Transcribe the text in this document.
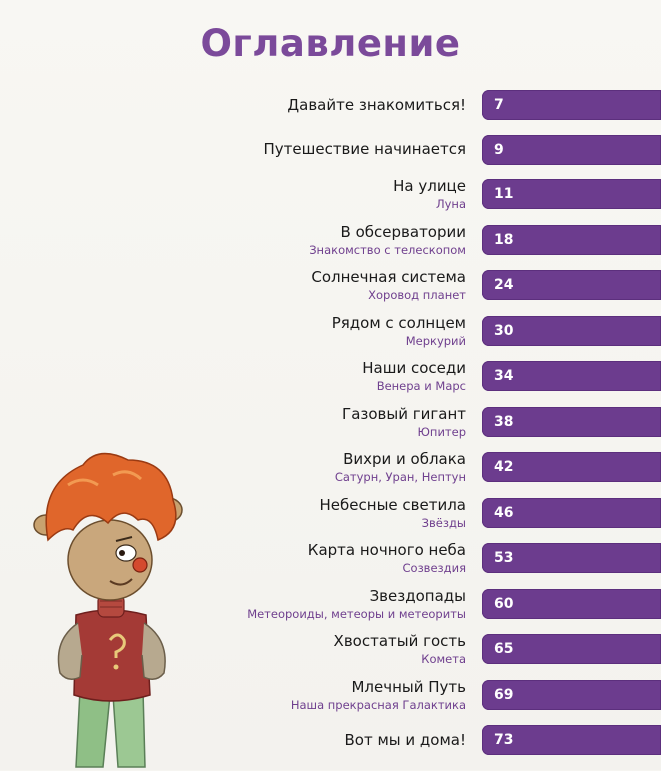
Оглавление
Давайте знакомиться! 7
Путешествие начинается 9
На улице
Луна
11
В обсерватории
Знакомство с телескопом
18
Солнечная система
Хоровод планет
24
Рядом с солнцем
Меркурий
30
Наши соседи
Венера и Марс
34
Газовый гигант
Юпитер
38
Вихри и облака
Сатурн, Уран, Нептун
42
Небесные светила
Звёзды
46
Карта ночного неба
Созвездия
53
Звездопады
Метеороиды, метеоры и метеориты
60
Хвостатый гость
Комета
65
Млечный Путь
Наша прекрасная Галактика
69
Вот мы и дома! 73
